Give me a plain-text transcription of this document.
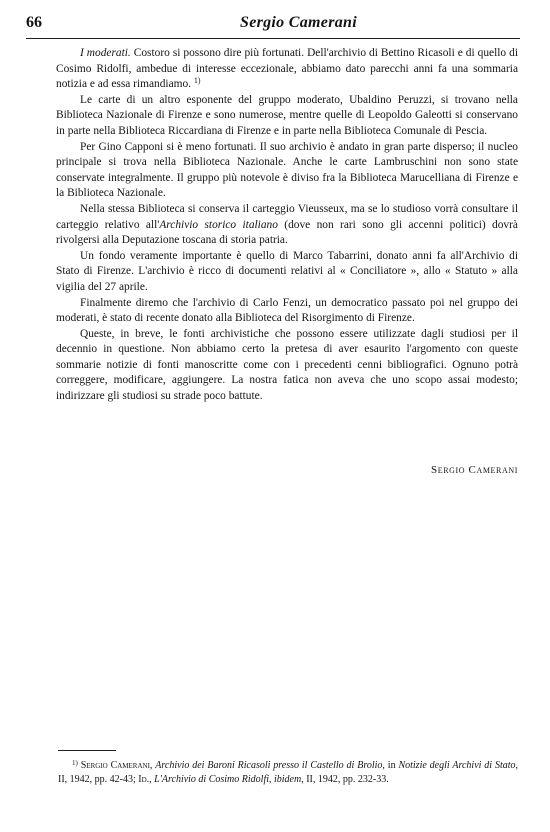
66	Sergio Camerani

I moderati. Costoro si possono dire più fortunati. Dell'archivio di Bettino Ricasoli e di quello di Cosimo Ridolfi, ambedue di interesse eccezionale, abbiamo dato parecchi anni fa una sommaria notizia e ad essa rimandiamo. $^{1)}$

Le carte di un altro esponente del gruppo moderato, Ubaldino Peruzzi, si trovano nella Biblioteca Nazionale di Firenze e sono numerose, mentre quelle di Leopoldo Galeotti si conservano in parte nella Biblioteca Riccardiana di Firenze e in parte nella Biblioteca Comunale di Pescia.

Per Gino Capponi si è meno fortunati. Il suo archivio è andato in gran parte disperso; il nucleo principale si trova nella Biblioteca Nazionale. Anche le carte Lambruschini non sono state conservate integralmente. Il gruppo più notevole è diviso fra la Biblioteca Marucelliana di Firenze e la Biblioteca Nazionale.

Nella stessa Biblioteca si conserva il carteggio Vieusseux, ma se lo studioso vorrà consultare il carteggio relativo all'Archivio storico italiano (dove non rari sono gli accenni politici) dovrà rivolgersi alla Deputazione toscana di storia patria.

Un fondo veramente importante è quello di Marco Tabarrini, donato anni fa all'Archivio di Stato di Firenze. L'archivio è ricco di documenti relativi al « Conciliatore », allo « Statuto » alla vigilia del 27 aprile.

Finalmente diremo che l'archivio di Carlo Fenzi, un democratico passato poi nel gruppo dei moderati, è stato di recente donato alla Biblioteca del Risorgimento di Firenze.

Queste, in breve, le fonti archivistiche che possono essere utilizzate dagli studiosi per il decennio in questione. Non abbiamo certo la pretesa di aver esaurito l'argomento con queste sommarie notizie di fonti manoscritte come con i precedenti cenni bibliografici. Ognuno potrà correggere, modificare, aggiungere. La nostra fatica non aveva che uno scopo assai modesto; indirizzare gli studiosi su strade poco battute.

Sergio Camerani

$^{1)}$ Sergio Camerani, Archivio dei Baroni Ricasoli presso il Castello di Brolio, in Notizie degli Archivi di Stato, II, 1942, pp. 42-43; Id., L'Archivio di Cosimo Ridolfi, ibidem, II, 1942, pp. 232-33.
